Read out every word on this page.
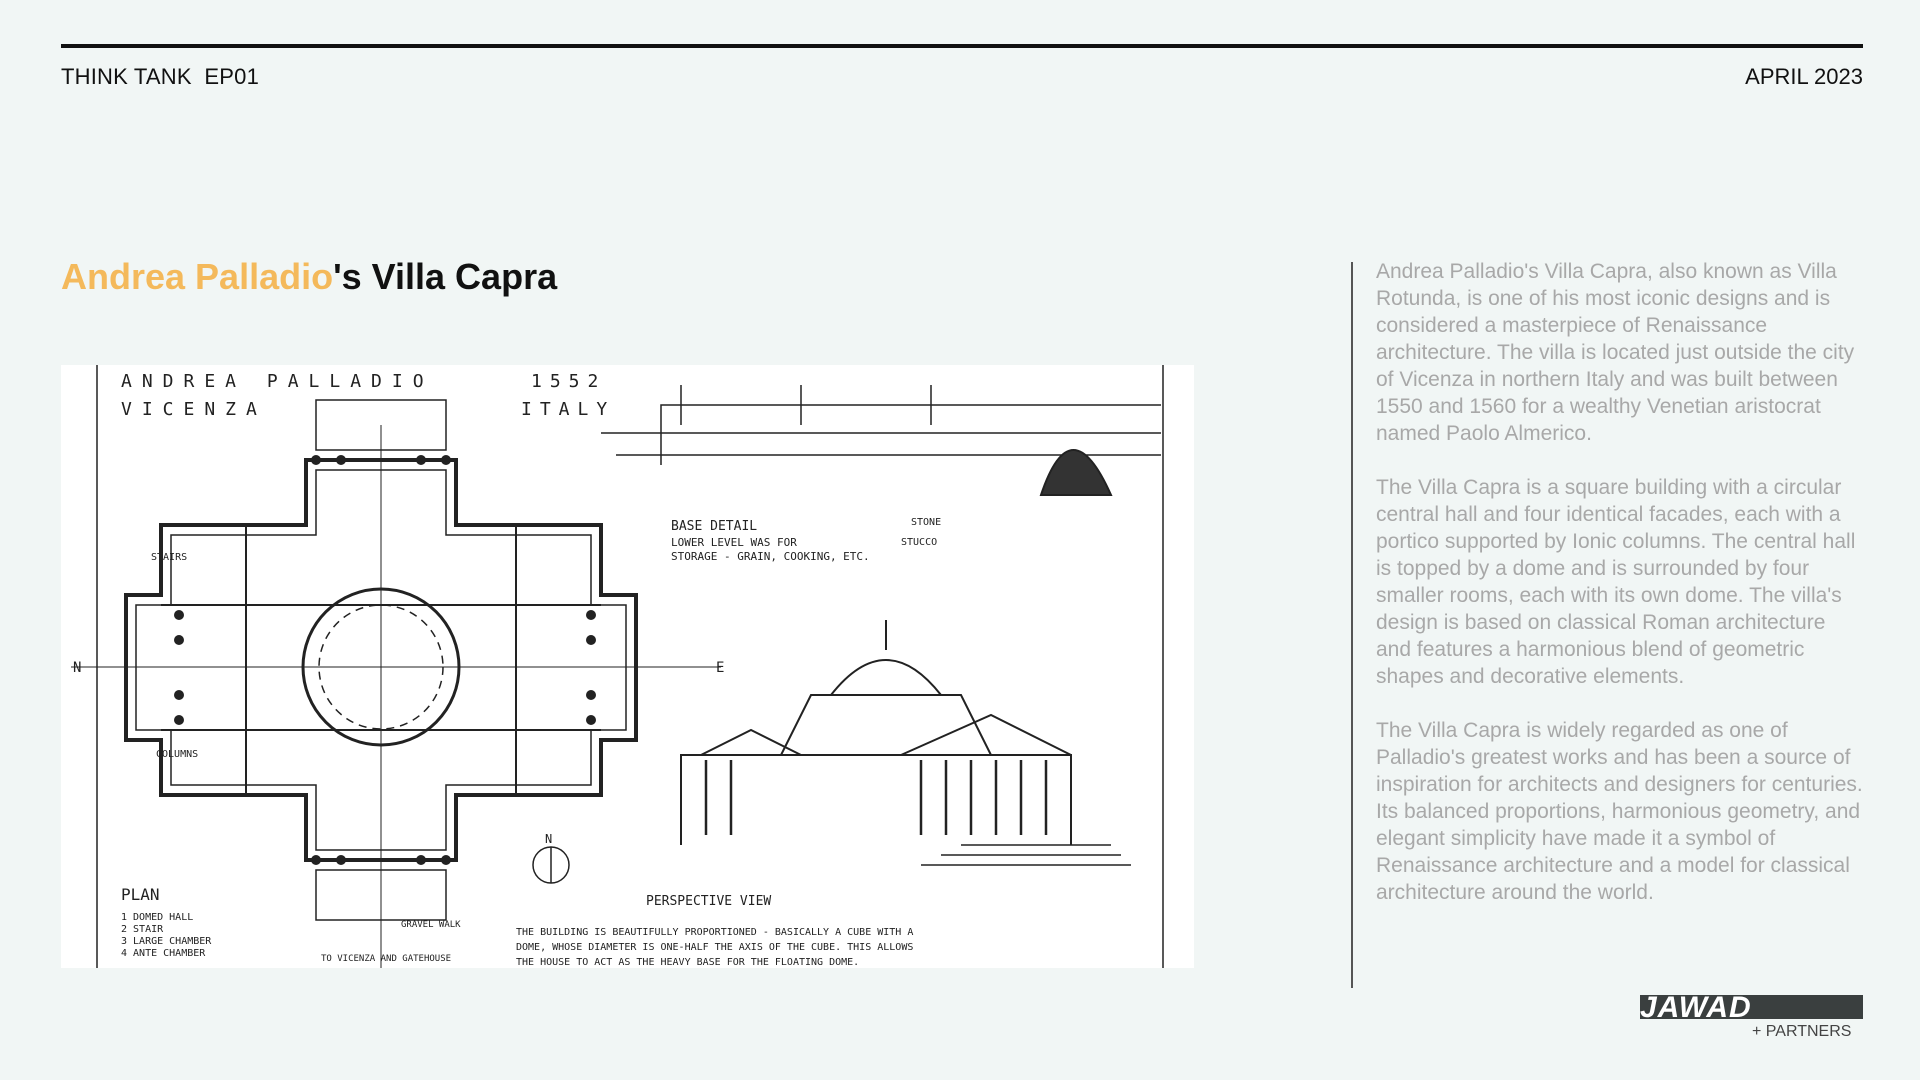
THINK TANK EP01	APRIL 2023
Andrea Palladio's Villa Capra
ANDREA PALLADIO
VICENZA
1552
ITALY
PLAN
1 DOMED HALL
2 STAIR
3 LARGE CHAMBER
4 ANTE CHAMBER
STAIRS
COLUMNS
BASE DETAIL
LOWER LEVEL WAS FOR
STORAGE - GRAIN, COOKING, ETC.
STONE
STUCCO
PERSPECTIVE VIEW
GRAVEL WALK
TO VICENZA AND GATEHOUSE
THE BUILDING IS BEAUTIFULLY PROPORTIONED - BASICALLY A CUBE WITH A
DOME, WHOSE DIAMETER IS ONE-HALF THE AXIS OF THE CUBE. THIS ALLOWS
THE HOUSE TO ACT AS THE HEAVY BASE FOR THE FLOATING DOME.
N
N	E

Andrea Palladio's Villa Capra, also known as Villa Rotunda, is one of his most iconic designs and is considered a masterpiece of Renaissance architecture. The villa is located just outside the city of Vicenza in northern Italy and was built between 1550 and 1560 for a wealthy Venetian aristocrat named Paolo Almerico.

The Villa Capra is a square building with a circular central hall and four identical facades, each with a portico supported by Ionic columns. The central hall is topped by a dome and is surrounded by four smaller rooms, each with its own dome. The villa's design is based on classical Roman architecture and features a harmonious blend of geometric shapes and decorative elements.

The Villa Capra is widely regarded as one of Palladio's greatest works and has been a source of inspiration for architects and designers for centuries. Its balanced proportions, harmonious geometry, and elegant simplicity have made it a symbol of Renaissance architecture and a model for classical architecture around the world.

JAWAD
+ PARTNERS
